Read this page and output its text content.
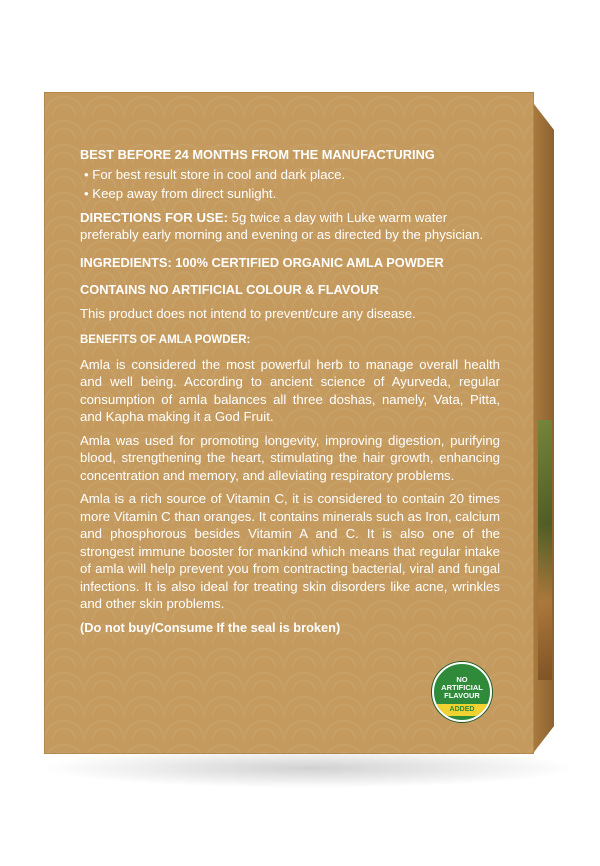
BEST BEFORE 24 MONTHS FROM THE MANUFACTURING

• For best result store in cool and dark place.

• Keep away from direct sunlight.

DIRECTIONS FOR USE: 5g twice a day with Luke warm water preferably early morning and evening or as directed by the physician.

INGREDIENTS: 100% CERTIFIED ORGANIC AMLA POWDER

CONTAINS NO ARTIFICIAL COLOUR & FLAVOUR

This product does not intend to prevent/cure any disease.

BENEFITS OF AMLA POWDER:

Amla is considered the most powerful herb to manage overall health and well being. According to ancient science of Ayurveda, regular consumption of amla balances all three doshas, namely, Vata, Pitta, and Kapha making it a God Fruit.

Amla was used for promoting longevity, improving digestion, purifying blood, strengthening the heart, stimulating the hair growth, enhancing concentration and memory, and alleviating respiratory problems.

Amla is a rich source of Vitamin C, it is considered to contain 20 times more Vitamin C than oranges. It contains minerals such as Iron, calcium and phosphorous besides Vitamin A and C. It is also one of the strongest immune booster for mankind which means that regular intake of amla will help prevent you from contracting bacterial, viral and fungal infections. It is also ideal for treating skin disorders like acne, wrinkles and other skin problems.

(Do not buy/Consume If the seal is broken)

NO
ARTIFICIAL
FLAVOUR
ADDED
